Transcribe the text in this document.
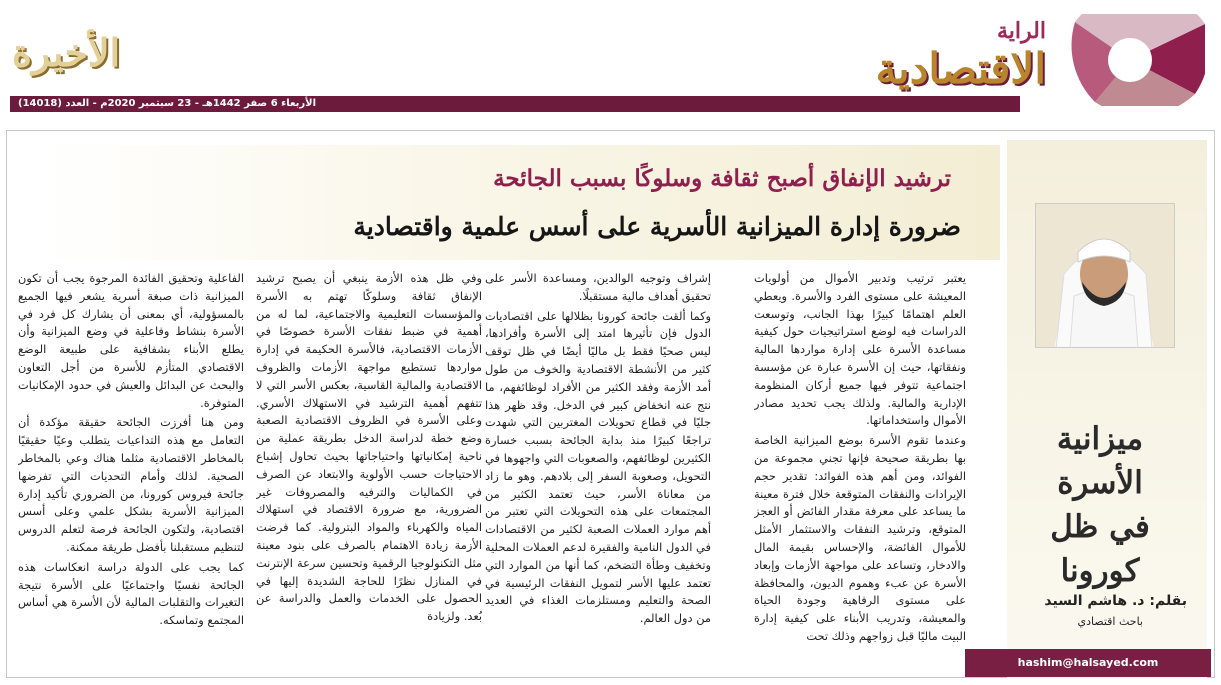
الراية
الاقتصادية
الأخيرة
الأربعاء 6 صفر 1442هـ - 23 سبتمبر 2020م - العدد (14018)
ترشيد الإنفاق أصبح ثقافة وسلوكًا بسبب الجائحة
ضرورة إدارة الميزانية الأسرية على أسس علمية واقتصادية
ميزانية الأسرة
في ظل كورونا
بقلم: د. هاشم السيد
باحث اقتصادي
hashim@halsayed.com

يعتبر ترتيب وتدبير الأموال من أولويات المعيشة على مستوى الفرد والأسرة. ويعطي العلم اهتمامًا كبيرًا بهذا الجانب، وتوسعت الدراسات فيه لوضع استراتيجيات حول كيفية مساعدة الأسرة على إدارة مواردها المالية ونفقاتها، حيث إن الأسرة عبارة عن مؤسسة اجتماعية تتوفر فيها جميع أركان المنظومة الإدارية والمالية. ولذلك يجب تحديد مصادر الأموال واستخداماتها.

وعندما تقوم الأسرة بوضع الميزانية الخاصة بها بطريقة صحيحة فإنها تجني مجموعة من الفوائد، ومن أهم هذه الفوائد: تقدير حجم الإيرادات والنفقات المتوقعة خلال فترة معينة ما يساعد على معرفة مقدار الفائض أو العجز المتوقع، وترشيد النفقات والاستثمار الأمثل للأموال الفائضة، والإحساس بقيمة المال والادخار، وتساعد على مواجهة الأزمات وإبعاد الأسرة عن عبء وهموم الديون، والمحافظة على مستوى الرفاهية وجودة الحياة والمعيشة، وتدريب الأبناء على كيفية إدارة البيت ماليًا قبل زواجهم وذلك تحت

إشراف وتوجيه الوالدين، ومساعدة الأسر على تحقيق أهداف مالية مستقبلًا.

وكما ألقت جائحة كورونا بظلالها على اقتصاديات الدول فإن تأثيرها امتد إلى الأسرة وأفرادها، ليس صحيًا فقط بل ماليًا أيضًا في ظل توقف كثير من الأنشطة الاقتصادية والخوف من طول أمد الأزمة وفقد الكثير من الأفراد لوظائفهم، ما نتج عنه انخفاض كبير في الدخل. وقد ظهر هذا جليًا في قطاع تحويلات المغتربين التي شهدت تراجعًا كبيرًا منذ بداية الجائحة بسبب خسارة الكثيرين لوظائفهم، والصعوبات التي واجهوها في التحويل، وصعوبة السفر إلى بلادهم. وهو ما زاد من معاناة الأسر، حيث تعتمد الكثير من المجتمعات على هذه التحويلات التي تعتبر من أهم موارد العملات الصعبة لكثير من الاقتصادات في الدول النامية والفقيرة لدعم العملات المحلية وتخفيف وطأة التضخم، كما أنها من الموارد التي تعتمد عليها الأسر لتمويل النفقات الرئيسية في الصحة والتعليم ومستلزمات الغذاء في العديد من دول العالم.

وفي ظل هذه الأزمة ينبغي أن يصبح ترشيد الإنفاق ثقافة وسلوكًا تهتم به الأسرة والمؤسسات التعليمية والاجتماعية، لما له من أهمية في ضبط نفقات الأسرة خصوصًا في الأزمات الاقتصادية، فالأسرة الحكيمة في إدارة مواردها تستطيع مواجهة الأزمات والظروف الاقتصادية والمالية القاسية، بعكس الأسر التي لا تتفهم أهمية الترشيد في الاستهلاك الأسري. وعلى الأسرة في الظروف الاقتصادية الصعبة وضع خطة لدراسة الدخل بطريقة عملية من ناحية إمكانياتها واحتياجاتها بحيث تحاول إشباع الاحتياجات حسب الأولوية والابتعاد عن الصرف في الكماليات والترفيه والمصروفات غير الضرورية، مع ضرورة الاقتصاد في استهلاك المياه والكهرباء والمواد البترولية. كما فرضت الأزمة زيادة الاهتمام بالصرف على بنود معينة مثل التكنولوجيا الرقمية وتحسين سرعة الإنترنت في المنازل نظرًا للحاجة الشديدة إليها في الحصول على الخدمات والعمل والدراسة عن بُعد. ولزيادة

الفاعلية وتحقيق الفائدة المرجوة يجب أن تكون الميزانية ذات صبغة أسرية يشعر فيها الجميع بالمسؤولية، أي بمعنى أن يشارك كل فرد في الأسرة بنشاط وفاعلية في وضع الميزانية وأن يطلع الأبناء بشفافية على طبيعة الوضع الاقتصادي المتأزم للأسرة من أجل التعاون والبحث عن البدائل والعيش في حدود الإمكانيات المتوفرة.

ومن هنا أفرزت الجائحة حقيقة مؤكدة أن التعامل مع هذه التداعيات يتطلب وعيًا حقيقيًا بالمخاطر الاقتصادية مثلما هناك وعي بالمخاطر الصحية. لذلك وأمام التحديات التي تفرضها جائحة فيروس كورونا، من الضروري تأكيد إدارة الميزانية الأسرية بشكل علمي وعلى أسس اقتصادية، ولتكون الجائحة فرصة لتعلم الدروس لتنظيم مستقبلنا بأفضل طريقة ممكنة.

كما يجب على الدولة دراسة انعكاسات هذه الجائحة نفسيًا واجتماعيًا على الأسرة نتيجة التغيرات والتقلبات المالية لأن الأسرة هي أساس المجتمع وتماسكه.
